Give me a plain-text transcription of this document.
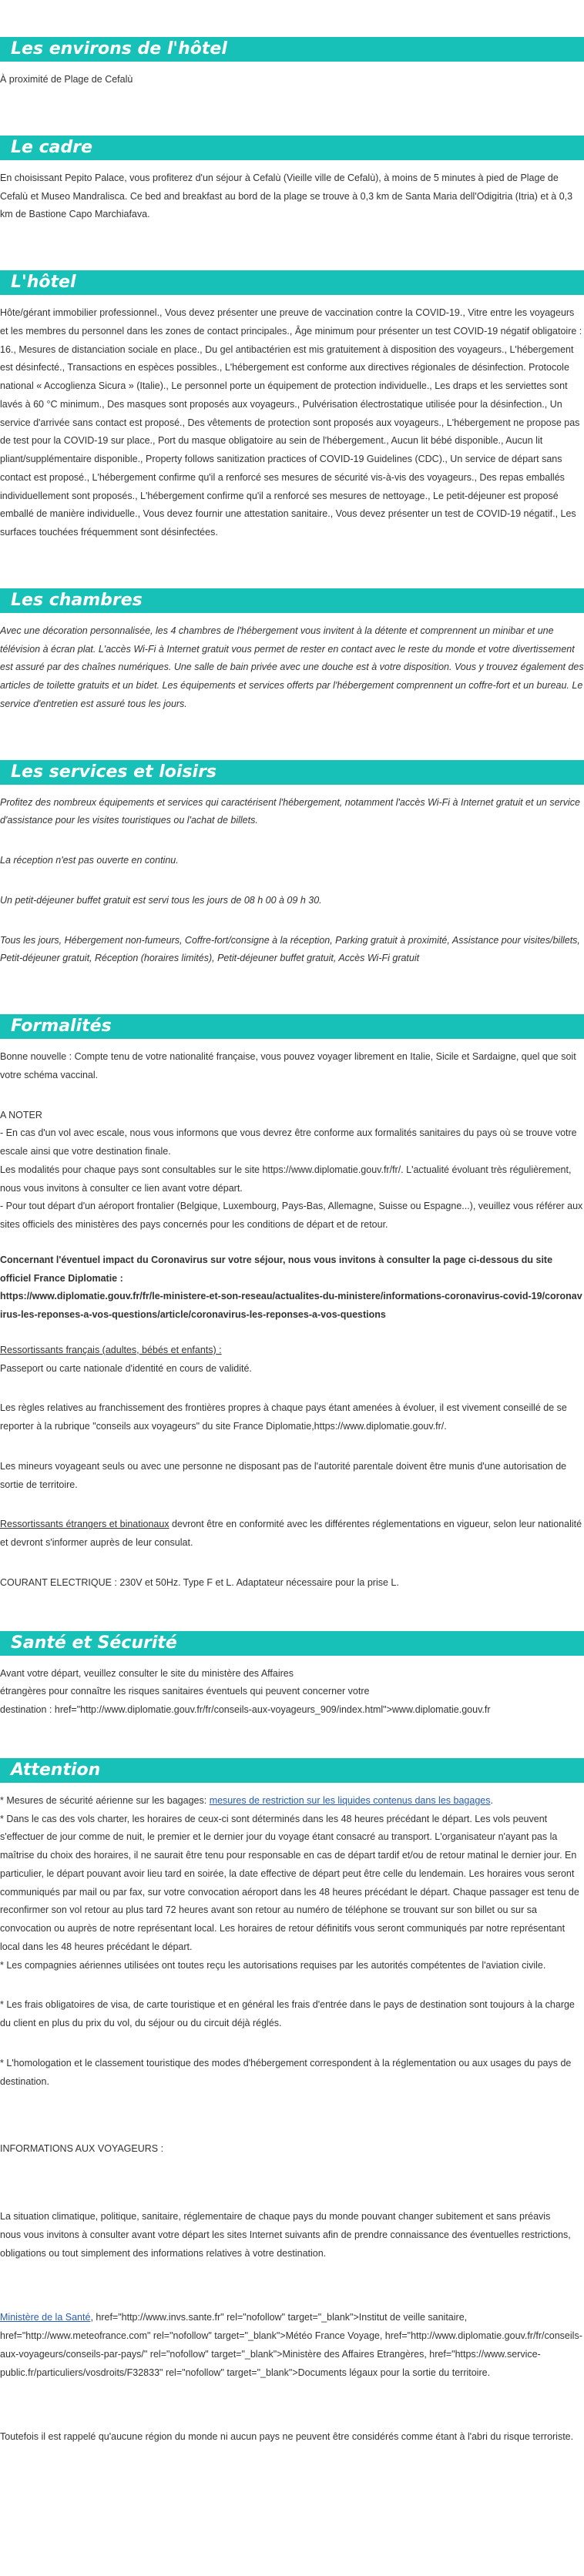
Les environs de l'hôtel

À proximité de Plage de Cefalù

Le cadre

En choisissant Pepito Palace, vous profiterez d'un séjour à Cefalù (Vieille ville de Cefalù), à moins de 5 minutes à pied de Plage de Cefalù et Museo Mandralisca. Ce bed and breakfast au bord de la plage se trouve à 0,3 km de Santa Maria dell'Odigitria (Itria) et à 0,3 km de Bastione Capo Marchiafava.

L'hôtel

Hôte/gérant immobilier professionnel., Vous devez présenter une preuve de vaccination contre la COVID-19., Vitre entre les voyageurs et les membres du personnel dans les zones de contact principales., Âge minimum pour présenter un test COVID-19 négatif obligatoire : 16., Mesures de distanciation sociale en place., Du gel antibactérien est mis gratuitement à disposition des voyageurs., L'hébergement est désinfecté., Transactions en espèces possibles., L'hébergement est conforme aux directives régionales de désinfection. Protocole national « Accoglienza Sicura » (Italie)., Le personnel porte un équipement de protection individuelle., Les draps et les serviettes sont lavés à 60 °C minimum., Des masques sont proposés aux voyageurs., Pulvérisation électrostatique utilisée pour la désinfection., Un service d'arrivée sans contact est proposé., Des vêtements de protection sont proposés aux voyageurs., L'hébergement ne propose pas de test pour la COVID-19 sur place., Port du masque obligatoire au sein de l'hébergement., Aucun lit bébé disponible., Aucun lit pliant/supplémentaire disponible., Property follows sanitization practices of COVID-19 Guidelines (CDC)., Un service de départ sans contact est proposé., L'hébergement confirme qu'il a renforcé ses mesures de sécurité vis-à-vis des voyageurs., Des repas emballés individuellement sont proposés., L'hébergement confirme qu'il a renforcé ses mesures de nettoyage., Le petit-déjeuner est proposé emballé de manière individuelle., Vous devez fournir une attestation sanitaire., Vous devez présenter un test de COVID-19 négatif., Les surfaces touchées fréquemment sont désinfectées.

Les chambres

Avec une décoration personnalisée, les 4 chambres de l'hébergement vous invitent à la détente et comprennent un minibar et une télévision à écran plat. L'accès Wi-Fi à Internet gratuit vous permet de rester en contact avec le reste du monde et votre divertissement est assuré par des chaînes numériques. Une salle de bain privée avec une douche est à votre disposition. Vous y trouvez également des articles de toilette gratuits et un bidet. Les équipements et services offerts par l'hébergement comprennent un coffre-fort et un bureau. Le service d'entretien est assuré tous les jours.

Les services et loisirs

Profitez des nombreux équipements et services qui caractérisent l'hébergement, notamment l'accès Wi-Fi à Internet gratuit et un service d'assistance pour les visites touristiques ou l'achat de billets.

La réception n'est pas ouverte en continu.

Un petit-déjeuner buffet gratuit est servi tous les jours de 08 h 00 à 09 h 30.

Tous les jours, Hébergement non-fumeurs, Coffre-fort/consigne à la réception, Parking gratuit à proximité, Assistance pour visites/billets, Petit-déjeuner gratuit, Réception (horaires limités), Petit-déjeuner buffet gratuit, Accès Wi-Fi gratuit

Formalités

Bonne nouvelle : Compte tenu de votre nationalité française, vous pouvez voyager librement en Italie, Sicile et Sardaigne, quel que soit votre schéma vaccinal.

A NOTER

- En cas d'un vol avec escale, nous vous informons que vous devrez être conforme aux formalités sanitaires du pays où se trouve votre escale ainsi que votre destination finale.

Les modalités pour chaque pays sont consultables sur le site https://www.diplomatie.gouv.fr/fr/. L'actualité évoluant très régulièrement, nous vous invitons à consulter ce lien avant votre départ.

- Pour tout départ d'un aéroport frontalier (Belgique, Luxembourg, Pays-Bas, Allemagne, Suisse ou Espagne...), veuillez vous référer aux sites officiels des ministères des pays concernés pour les conditions de départ et de retour.

Concernant l'éventuel impact du Coronavirus sur votre séjour, nous vous invitons à consulter la page ci-dessous du site officiel France Diplomatie :

https://www.diplomatie.gouv.fr/fr/le-ministere-et-son-reseau/actualites-du-ministere/informations-coronavirus-covid-19/coronavirus-les-reponses-a-vos-questions/article/coronavirus-les-reponses-a-vos-questions

Ressortissants français (adultes, bébés et enfants) :

Passeport ou carte nationale d'identité en cours de validité.

Les règles relatives au franchissement des frontières propres à chaque pays étant amenées à évoluer, il est vivement conseillé de se reporter à la rubrique "conseils aux voyageurs" du site France Diplomatie,https://www.diplomatie.gouv.fr/.

Les mineurs voyageant seuls ou avec une personne ne disposant pas de l'autorité parentale doivent être munis d'une autorisation de sortie de territoire.

Ressortissants étrangers et binationaux devront être en conformité avec les différentes réglementations en vigueur, selon leur nationalité et devront s'informer auprès de leur consulat.

COURANT ELECTRIQUE : 230V et 50Hz. Type F et L. Adaptateur nécessaire pour la prise L.

Santé et Sécurité

Avant votre départ, veuillez consulter le site du ministère des Affaires

étrangères pour connaître les risques sanitaires éventuels qui peuvent concerner votre

destination : href="http://www.diplomatie.gouv.fr/fr/conseils-aux-voyageurs_909/index.html">www.diplomatie.gouv.fr

Attention

* Mesures de sécurité aérienne sur les bagages: mesures de restriction sur les liquides contenus dans les bagages.

* Dans le cas des vols charter, les horaires de ceux-ci sont déterminés dans les 48 heures précédant le départ. Les vols peuvent s'effectuer de jour comme de nuit, le premier et le dernier jour du voyage étant consacré au transport. L'organisateur n'ayant pas la maîtrise du choix des horaires, il ne saurait être tenu pour responsable en cas de départ tardif et/ou de retour matinal le dernier jour. En particulier, le départ pouvant avoir lieu tard en soirée, la date effective de départ peut être celle du lendemain. Les horaires vous seront communiqués par mail ou par fax, sur votre convocation aéroport dans les 48 heures précédant le départ. Chaque passager est tenu de reconfirmer son vol retour au plus tard 72 heures avant son retour au numéro de téléphone se trouvant sur son billet ou sur sa convocation ou auprès de notre représentant local. Les horaires de retour définitifs vous seront communiqués par notre représentant local dans les 48 heures précédant le départ.

* Les compagnies aériennes utilisées ont toutes reçu les autorisations requises par les autorités compétentes de l'aviation civile.

* Les frais obligatoires de visa, de carte touristique et en général les frais d'entrée dans le pays de destination sont toujours à la charge du client en plus du prix du vol, du séjour ou du circuit déjà réglés.

* L'homologation et le classement touristique des modes d'hébergement correspondent à la réglementation ou aux usages du pays de destination.

INFORMATIONS AUX VOYAGEURS :

La situation climatique, politique, sanitaire, réglementaire de chaque pays du monde pouvant changer subitement et sans préavis

nous vous invitons à consulter avant votre départ les sites Internet suivants afin de prendre connaissance des éventuelles restrictions, obligations ou tout simplement des informations relatives à votre destination.

Ministère de la Santé, href="http://www.invs.sante.fr" rel="nofollow" target="_blank">Institut de veille sanitaire, href="http://www.meteofrance.com" rel="nofollow" target="_blank">Météo France Voyage, href="http://www.diplomatie.gouv.fr/fr/conseils-aux-voyageurs/conseils-par-pays/" rel="nofollow" target="_blank">Ministère des Affaires Etrangères, href="https://www.service-public.fr/particuliers/vosdroits/F32833" rel="nofollow" target="_blank">Documents légaux pour la sortie du territoire.

Toutefois il est rappelé qu'aucune région du monde ni aucun pays ne peuvent être considérés comme étant à l'abri du risque terroriste.
